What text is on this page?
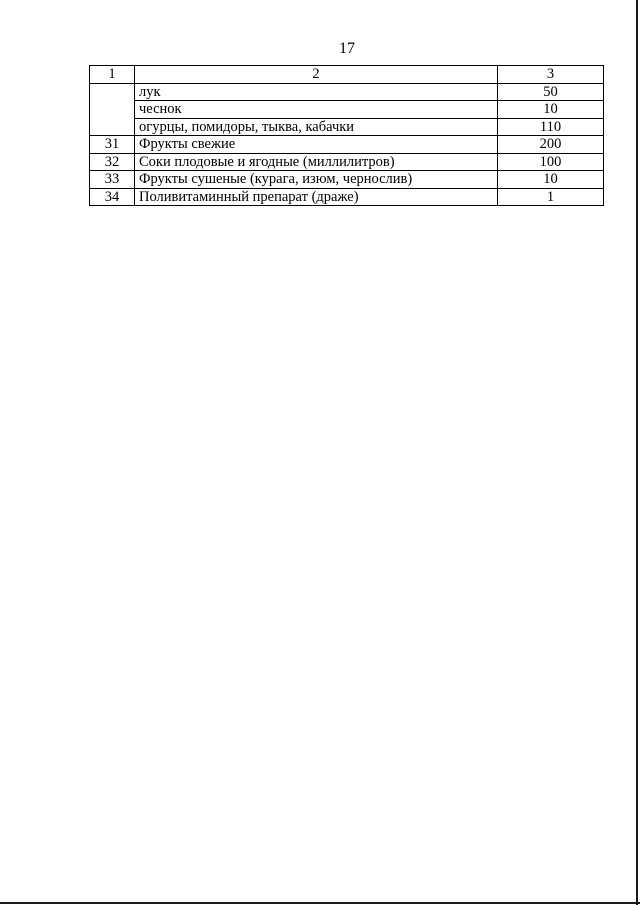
17
1	2	3
	лук	50
	чеснок	10
	огурцы, помидоры, тыква, кабачки	110
31	Фрукты свежие	200
32	Соки плодовые и ягодные (миллилитров)	100
33	Фрукты сушеные (курага, изюм, чернослив)	10
34	Поливитаминный препарат (драже)	1
